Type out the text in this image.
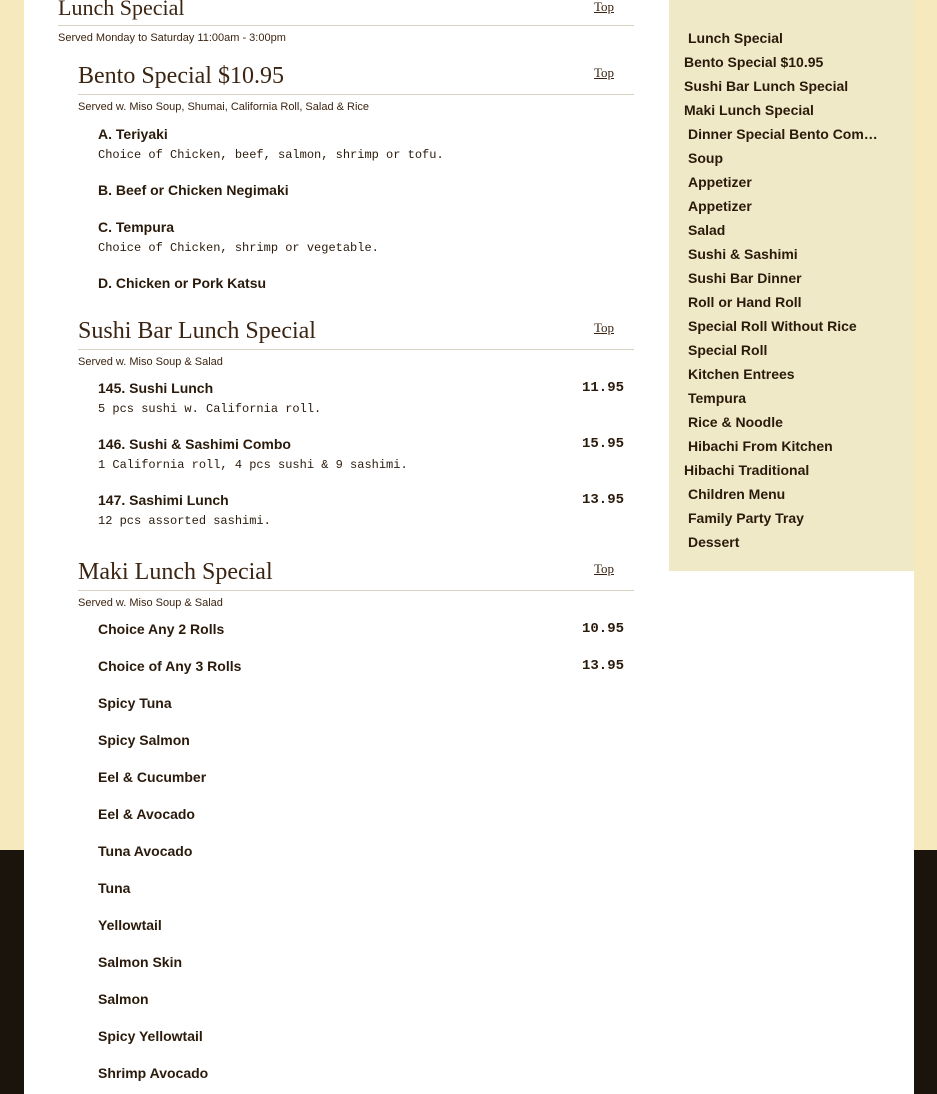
Lunch Special	Top
Served Monday to Saturday 11:00am - 3:00pm
Bento Special $10.95	Top
Served w. Miso Soup, Shumai, California Roll, Salad & Rice
A. Teriyaki
Choice of Chicken, beef, salmon, shrimp or tofu.
B. Beef or Chicken Negimaki
C. Tempura
Choice of Chicken, shrimp or vegetable.
D. Chicken or Pork Katsu
Sushi Bar Lunch Special	Top
Served w. Miso Soup & Salad
145. Sushi Lunch	11.95
5 pcs sushi w. California roll.
146. Sushi & Sashimi Combo	15.95
1 California roll, 4 pcs sushi & 9 sashimi.
147. Sashimi Lunch	13.95
12 pcs assorted sashimi.
Maki Lunch Special	Top
Served w. Miso Soup & Salad
Choice Any 2 Rolls	10.95
Choice of Any 3 Rolls	13.95
Spicy Tuna
Spicy Salmon
Eel & Cucumber
Eel & Avocado
Tuna Avocado
Tuna
Yellowtail
Salmon Skin
Salmon
Spicy Yellowtail
Shrimp Avocado
Lunch Special
Bento Special $10.95
Sushi Bar Lunch Special
Maki Lunch Special
Dinner Special Bento Com…
Soup
Appetizer
Appetizer
Salad
Sushi & Sashimi
Sushi Bar Dinner
Roll or Hand Roll
Special Roll Without Rice
Special Roll
Kitchen Entrees
Tempura
Rice & Noodle
Hibachi From Kitchen
Hibachi Traditional
Children Menu
Family Party Tray
Dessert
